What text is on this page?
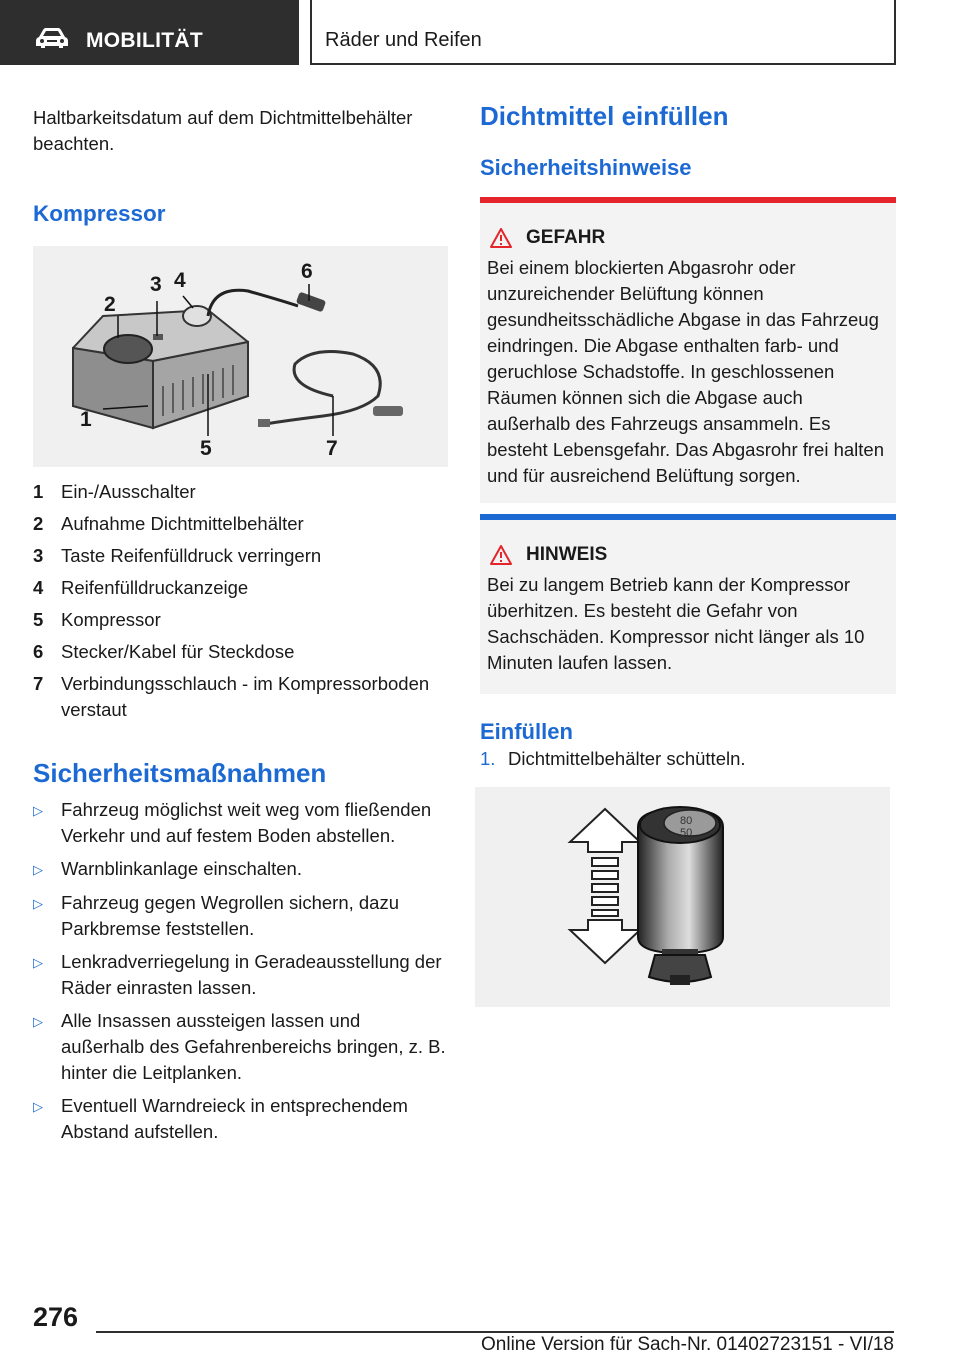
MOBILITÄT	Räder und Reifen

Haltbarkeitsdatum auf dem Dichtmittelbehälter beachten.

Kompressor
1
2
3 4
5
6
7
1 Ein-/Ausschalter
2 Aufnahme Dichtmittelbehälter
3 Taste Reifenfülldruck verringern
4 Reifenfülldruckanzeige
5 Kompressor
6 Stecker/Kabel für Steckdose
7 Verbindungsschlauch - im Kompressorboden verstaut
Sicherheitsmaßnahmen
▷ Fahrzeug möglichst weit weg vom fließenden Verkehr und auf festem Boden abstellen.
▷ Warnblinkanlage einschalten.
▷ Fahrzeug gegen Wegrollen sichern, dazu Parkbremse feststellen.
▷ Lenkradverriegelung in Geradeausstellung der Räder einrasten lassen.
▷ Alle Insassen aussteigen lassen und außerhalb des Gefahrenbereichs bringen, z. B. hinter die Leitplanken.
▷ Eventuell Warndreieck in entsprechendem Abstand aufstellen.
Dichtmittel einfüllen
Sicherheitshinweise
GEFAHR

Bei einem blockierten Abgasrohr oder unzureichender Belüftung können gesundheitsschädliche Abgase in das Fahrzeug eindringen. Die Abgase enthalten farb- und geruchlose Schadstoffe. In geschlossenen Räumen können sich die Abgase auch außerhalb des Fahrzeugs ansammeln. Es besteht Lebensgefahr. Das Abgasrohr frei halten und für ausreichend Belüftung sorgen.

HINWEIS

Bei zu langem Betrieb kann der Kompressor überhitzen. Es besteht die Gefahr von Sachschäden. Kompressor nicht länger als 10 Minuten laufen lassen.

Einfüllen
1. Dichtmittelbehälter schütteln.
80
50
276
Online Version für Sach-Nr. 01402723151 - VI/18
